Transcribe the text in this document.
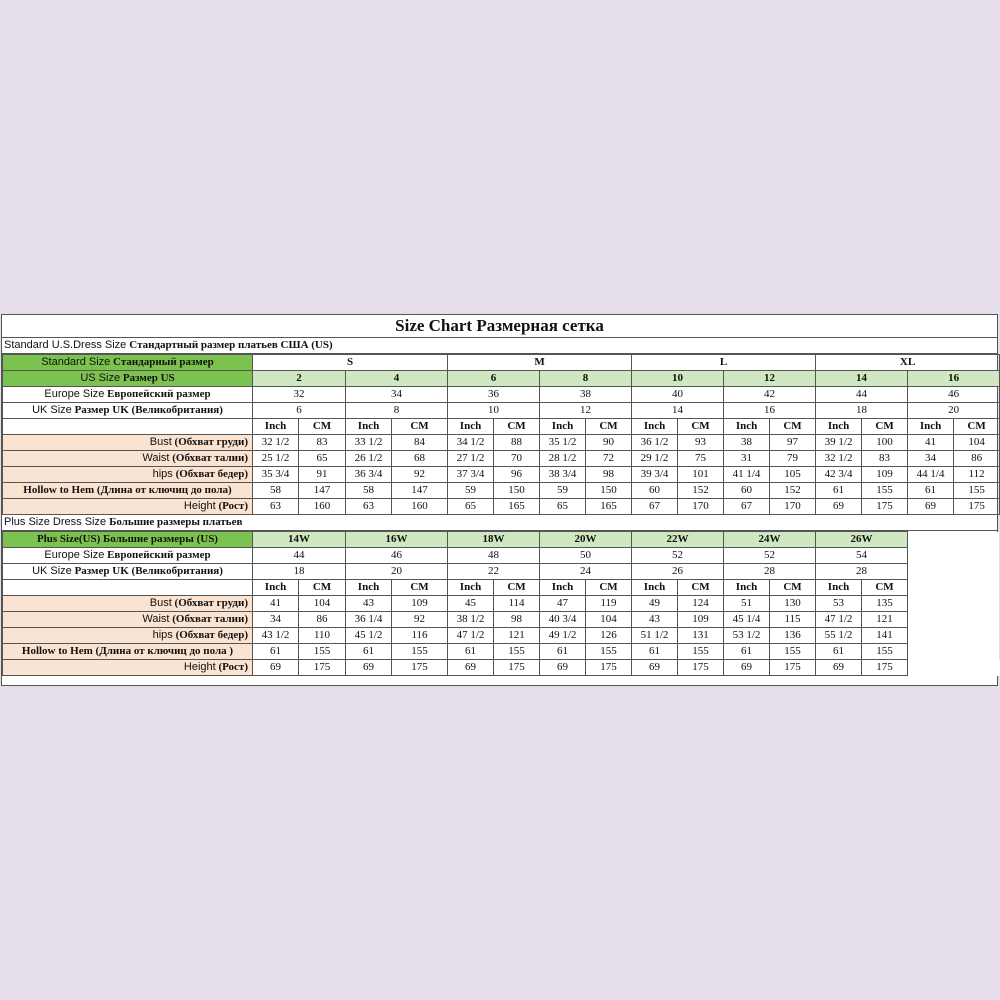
Size Chart Размерная сетка
Standard U.S.Dress Size Стандартный размер платьев США (US)
Standard Size Стандарный размер	S				M				L				XL			
US Size Размер US	2		4		6		8		10		12		14		16	
Europe Size Европейский размер	32		34		36		38		40		42		44		46	
UK Size Размер UK (Великобритания)	6		8		10		12		14		16		18		20	
	Inch	CM	Inch	CM	Inch	CM	Inch	CM	Inch	CM	Inch	CM	Inch	CM	Inch	CM
Bust (Обхват груди)	32 1/2	83	33 1/2	84	34 1/2	88	35 1/2	90	36 1/2	93	38	97	39 1/2	100	41	104
Waist (Обхват талии)	25 1/2	65	26 1/2	68	27 1/2	70	28 1/2	72	29 1/2	75	31	79	32 1/2	83	34	86
hips (Обхват бедер)	35 3/4	91	36 3/4	92	37 3/4	96	38 3/4	98	39 3/4	101	41 1/4	105	42 3/4	109	44 1/4	112
Hollow to Hem (Длина от ключиц до пола)	58	147	58	147	59	150	59	150	60	152	60	152	61	155	61	155
Height (Рост)	63	160	63	160	65	165	65	165	67	170	67	170	69	175	69	175
Plus Size Dress Size Большие размеры платьев
Plus Size(US) Большие размеры (US)	14W		16W		18W		20W		22W		24W		26W		
Europe Size Европейский размер	44		46		48		50		52		52		54		
UK Size Размер UK (Великобритания)	18		20		22		24		26		28		28		
	Inch	CM	Inch	CM	Inch	CM	Inch	CM	Inch	CM	Inch	CM	Inch	CM	
Bust (Обхват груди)	41	104	43	109	45	114	47	119	49	124	51	130	53	135	
Waist (Обхват талии)	34	86	36 1/4	92	38 1/2	98	40 3/4	104	43	109	45 1/4	115	47 1/2	121	
hips (Обхват бедер)	43 1/2	110	45 1/2	116	47 1/2	121	49 1/2	126	51 1/2	131	53 1/2	136	55 1/2	141	
Hollow to Hem (Длина от ключиц до пола )	61	155	61	155	61	155	61	155	61	155	61	155	61	155	
Height (Рост)	69	175	69	175	69	175	69	175	69	175	69	175	69	175	
